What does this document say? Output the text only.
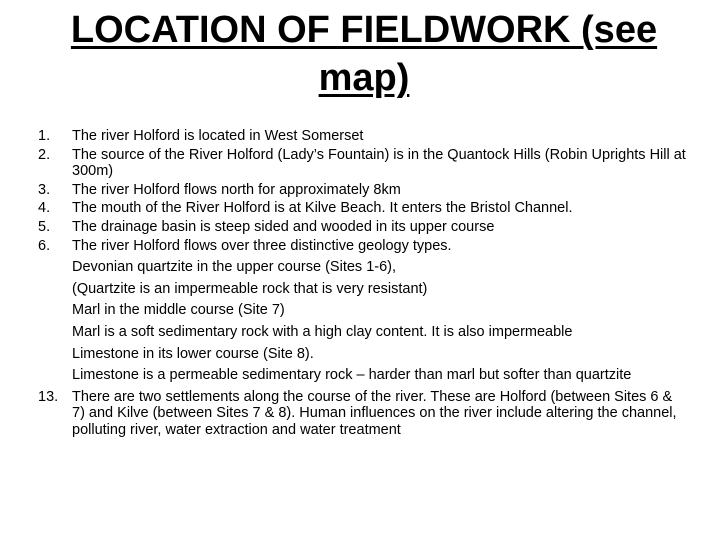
LOCATION OF FIELDWORK (see map)
1.	The river Holford is located in West Somerset
2.	The source of the River Holford (Lady’s Fountain) is in the Quantock Hills (Robin Uprights Hill at 300m)
3.	The river Holford flows north for approximately 8km
4.	The mouth of the River Holford is at Kilve Beach. It enters the Bristol Channel.
5.	The drainage basin is steep sided and wooded in its upper course
6.	The river Holford flows over three distinctive geology types.
Devonian quartzite in the upper course (Sites 1-6),
(Quartzite is an impermeable rock that is very resistant)
Marl in the middle course (Site 7)
Marl is a soft sedimentary rock with a high clay content. It is also impermeable
Limestone in its lower course (Site 8).
Limestone is a permeable sedimentary rock – harder than marl but softer than quartzite
13. There are two settlements along the course of the river. These are Holford (between Sites 6 & 7) and Kilve (between Sites 7 & 8). Human influences on the river include altering the channel, polluting river, water extraction and water treatment
